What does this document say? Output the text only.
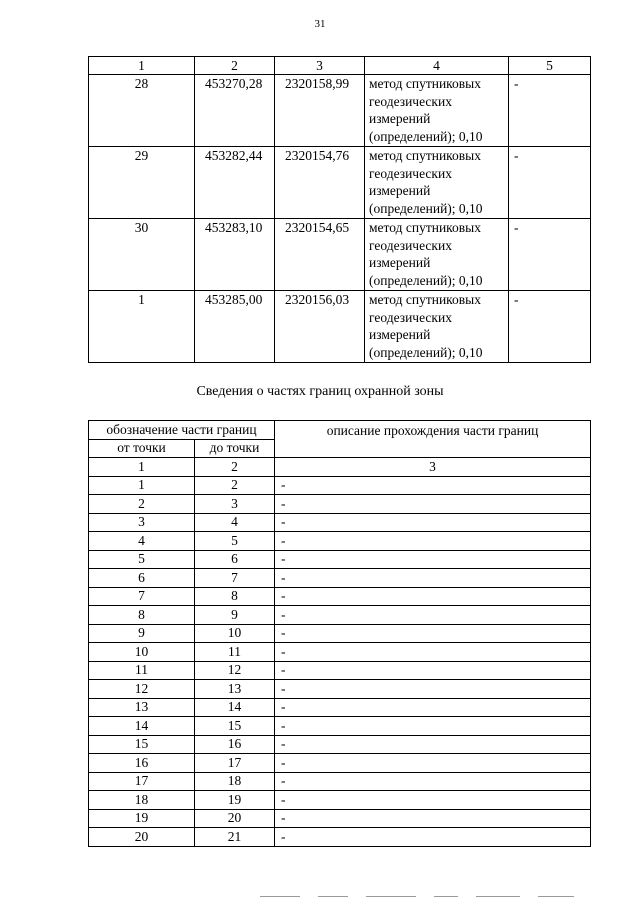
31
1	2	3	4	5
28	453270,28	2320158,99	метод спутниковых
геодезических
измерений
(определений); 0,10	-
29	453282,44	2320154,76	метод спутниковых
геодезических
измерений
(определений); 0,10	-
30	453283,10	2320154,65	метод спутниковых
геодезических
измерений
(определений); 0,10	-
1	453285,00	2320156,03	метод спутниковых
геодезических
измерений
(определений); 0,10	-
Сведения о частях границ охранной зоны
обозначение части границ		описание прохождения части границ
от точки	до точки	
1	2	3
1	2	-
2	3	-
3	4	-
4	5	-
5	6	-
6	7	-
7	8	-
8	9	-
9	10	-
10	11	-
11	12	-
12	13	-
13	14	-
14	15	-
15	16	-
16	17	-
17	18	-
18	19	-
19	20	-
20	21	-
